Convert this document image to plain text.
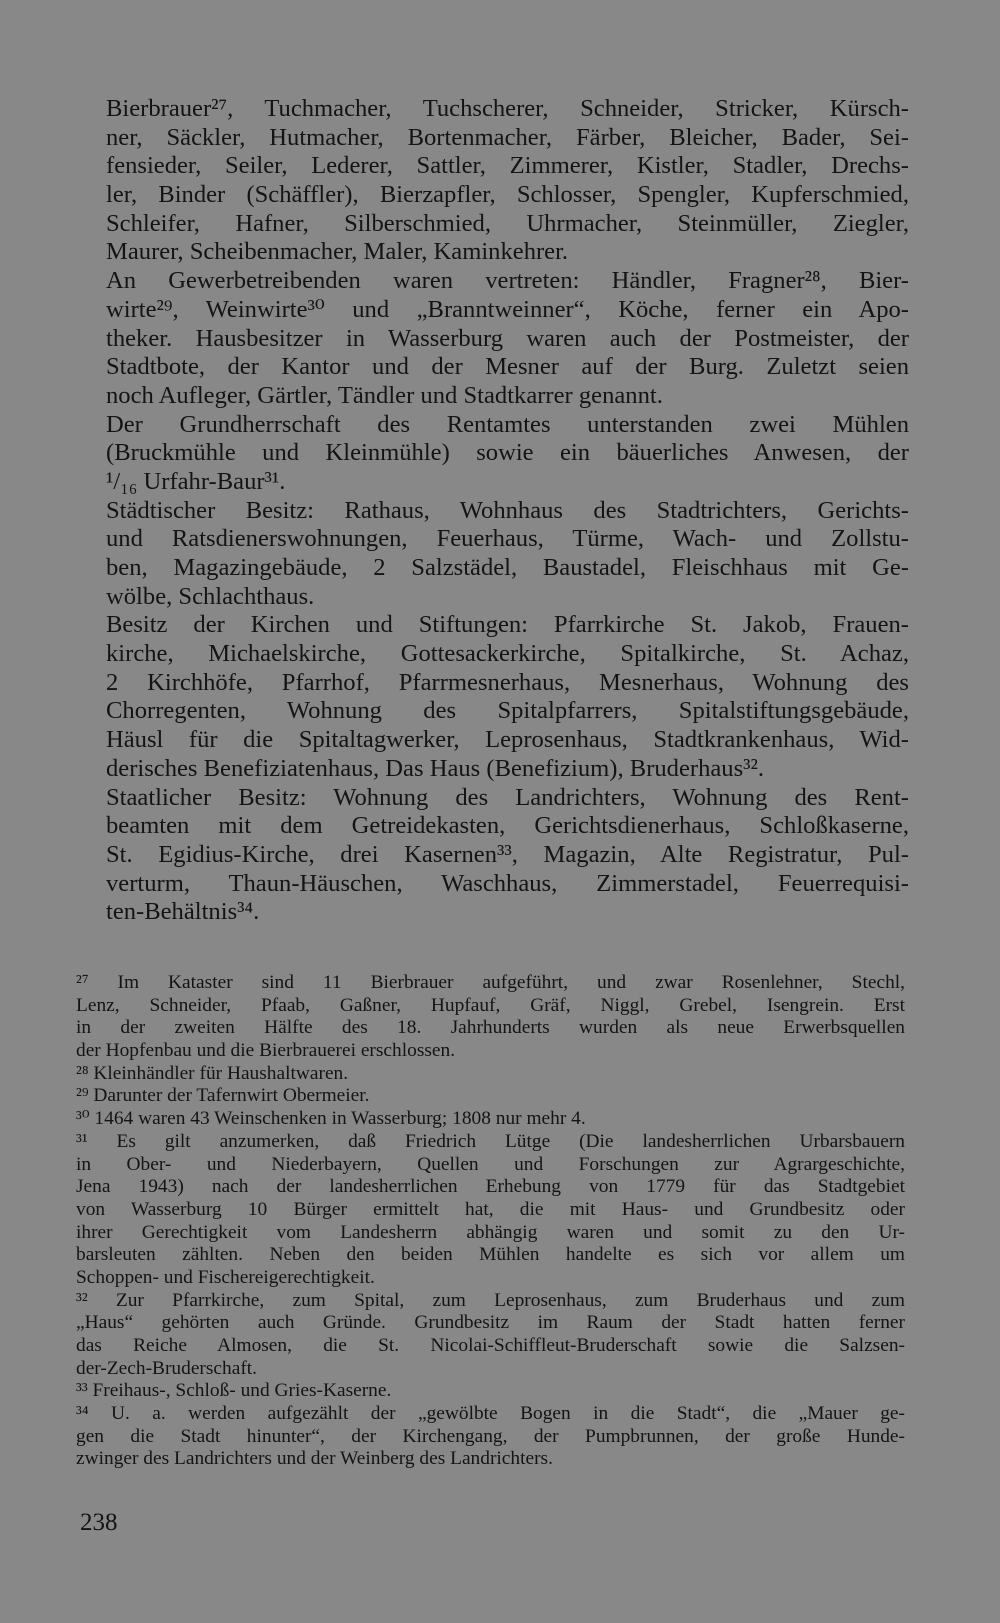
Bierbrauer²⁷, Tuchmacher, Tuchscherer, Schneider, Stricker, Kürsch-
ner, Säckler, Hutmacher, Bortenmacher, Färber, Bleicher, Bader, Sei-
fensieder, Seiler, Lederer, Sattler, Zimmerer, Kistler, Stadler, Drechs-
ler, Binder (Schäffler), Bierzapfler, Schlosser, Spengler, Kupferschmied,
Schleifer, Hafner, Silberschmied, Uhrmacher, Steinmüller, Ziegler,
Maurer, Scheibenmacher, Maler, Kaminkehrer.
An Gewerbetreibenden waren vertreten: Händler, Fragner²⁸, Bier-
wirte²⁹, Weinwirte³⁰ und „Branntweinner“, Köche, ferner ein Apo-
theker. Hausbesitzer in Wasserburg waren auch der Postmeister, der
Stadtbote, der Kantor und der Mesner auf der Burg. Zuletzt seien
noch Aufleger, Gärtler, Tändler und Stadtkarrer genannt.
Der Grundherrschaft des Rentamtes unterstanden zwei Mühlen
(Bruckmühle und Kleinmühle) sowie ein bäuerliches Anwesen, der
¹/₁₆ Urfahr-Baur³¹.
Städtischer Besitz: Rathaus, Wohnhaus des Stadtrichters, Gerichts-
und Ratsdienerswohnungen, Feuerhaus, Türme, Wach- und Zollstu-
ben, Magazingebäude, 2 Salzstädel, Baustadel, Fleischhaus mit Ge-
wölbe, Schlachthaus.
Besitz der Kirchen und Stiftungen: Pfarrkirche St. Jakob, Frauen-
kirche, Michaelskirche, Gottesackerkirche, Spitalkirche, St. Achaz,
2 Kirchhöfe, Pfarrhof, Pfarrmesnerhaus, Mesnerhaus, Wohnung des
Chorregenten, Wohnung des Spitalpfarrers, Spitalstiftungsgebäude,
Häusl für die Spitaltagwerker, Leprosenhaus, Stadtkrankenhaus, Wid-
derisches Benefiziatenhaus, Das Haus (Benefizium), Bruderhaus³².
Staatlicher Besitz: Wohnung des Landrichters, Wohnung des Rent-
beamten mit dem Getreidekasten, Gerichtsdienerhaus, Schloßkaserne,
St. Egidius-Kirche, drei Kasernen³³, Magazin, Alte Registratur, Pul-
verturm, Thaun-Häuschen, Waschhaus, Zimmerstadel, Feuerrequisi-
ten-Behältnis³⁴.
²⁷ Im Kataster sind 11 Bierbrauer aufgeführt, und zwar Rosenlehner, Stechl,
Lenz, Schneider, Pfaab, Gaßner, Hupfauf, Gräf, Niggl, Grebel, Isengrein. Erst
in der zweiten Hälfte des 18. Jahrhunderts wurden als neue Erwerbsquellen
der Hopfenbau und die Bierbrauerei erschlossen.
²⁸ Kleinhändler für Haushaltwaren.
²⁹ Darunter der Tafernwirt Obermeier.
³⁰ 1464 waren 43 Weinschenken in Wasserburg; 1808 nur mehr 4.
³¹ Es gilt anzumerken, daß Friedrich Lütge (Die landesherrlichen Urbarsbauern
in Ober- und Niederbayern, Quellen und Forschungen zur Agrargeschichte,
Jena 1943) nach der landesherrlichen Erhebung von 1779 für das Stadtgebiet
von Wasserburg 10 Bürger ermittelt hat, die mit Haus- und Grundbesitz oder
ihrer Gerechtigkeit vom Landesherrn abhängig waren und somit zu den Ur-
barsleuten zählten. Neben den beiden Mühlen handelte es sich vor allem um
Schoppen- und Fischereigerechtigkeit.
³² Zur Pfarrkirche, zum Spital, zum Leprosenhaus, zum Bruderhaus und zum
„Haus“ gehörten auch Gründe. Grundbesitz im Raum der Stadt hatten ferner
das Reiche Almosen, die St. Nicolai-Schiffleut-Bruderschaft sowie die Salzsen-
der-Zech-Bruderschaft.
³³ Freihaus-, Schloß- und Gries-Kaserne.
³⁴ U. a. werden aufgezählt der „gewölbte Bogen in die Stadt“, die „Mauer ge-
gen die Stadt hinunter“, der Kirchengang, der Pumpbrunnen, der große Hunde-
zwinger des Landrichters und der Weinberg des Landrichters.
238
